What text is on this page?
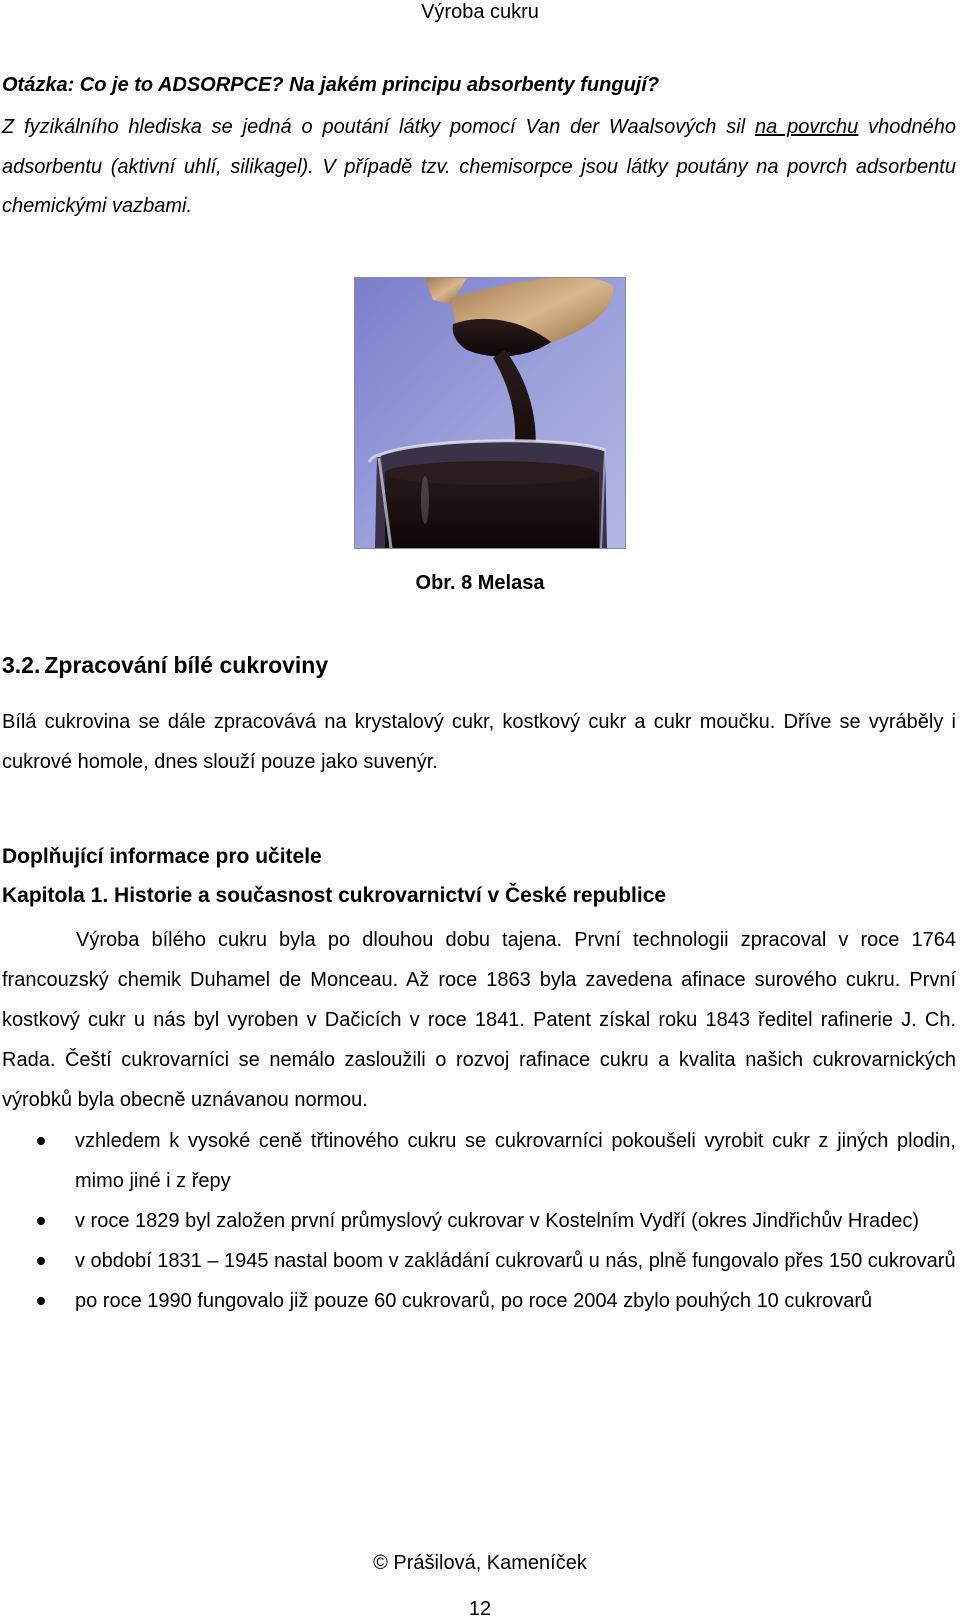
Výroba cukru
Otázka: Co je to ADSORPCE? Na jakém principu absorbenty fungují?
Z fyzikálního hlediska se jedná o poutání látky pomocí Van der Waalsových sil na povrchu vhodného adsorbentu (aktivní uhlí, silikagel). V případě tzv. chemisorpce jsou látky poutány na povrch adsorbentu chemickými vazbami.
Obr. 8 Melasa
3.2. Zpracování bílé cukroviny
Bílá cukrovina se dále zpracovává na krystalový cukr, kostkový cukr a cukr moučku. Dříve se vyráběly i cukrové homole, dnes slouží pouze jako suvenýr.
Doplňující informace pro učitele
Kapitola 1. Historie a současnost cukrovarnictví v České republice
Výroba bílého cukru byla po dlouhou dobu tajena. První technologii zpracoval v roce 1764 francouzský chemik Duhamel de Monceau. Až roce 1863 byla zavedena afinace surového cukru. První kostkový cukr u nás byl vyroben v Dačicích v roce 1841. Patent získal roku 1843 ředitel rafinerie J. Ch. Rada. Čeští cukrovarníci se nemálo zasloužili o rozvoj rafinace cukru a kvalita našich cukrovarnických výrobků byla obecně uznávanou normou.
vzhledem k vysoké ceně třtinového cukru se cukrovarníci pokoušeli vyrobit cukr z jiných plodin, mimo jiné i z řepy
v roce 1829 byl založen první průmyslový cukrovar v Kostelním Vydří (okres Jindřichův Hradec)
v období 1831 – 1945 nastal boom v zakládání cukrovarů u nás, plně fungovalo přes 150 cukrovarů
po roce 1990 fungovalo již pouze 60 cukrovarů, po roce 2004 zbylo pouhých 10 cukrovarů
© Prášilová, Kameníček
12
